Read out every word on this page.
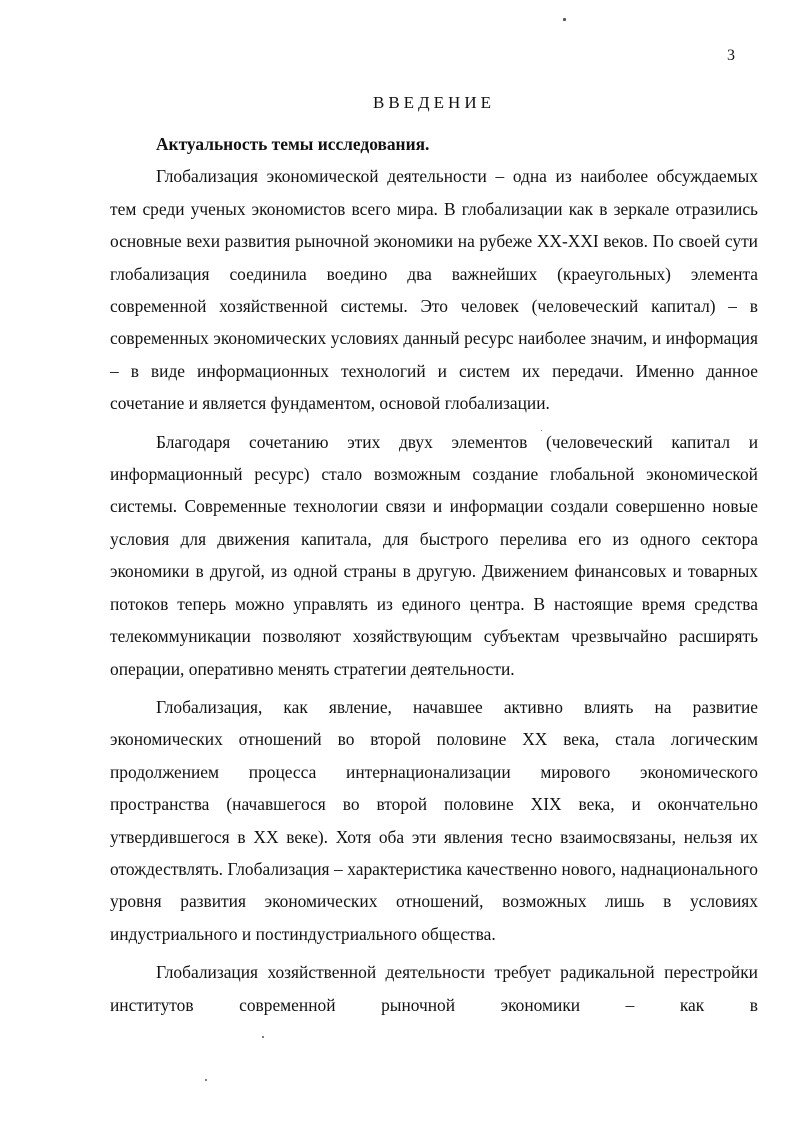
3
ВВЕДЕНИЕ

Актуальность темы исследования.

Глобализация экономической деятельности – одна из наиболее обсуждаемых тем среди ученых экономистов всего мира. В глобализации как в зеркале отразились основные вехи развития рыночной экономики на рубеже XX-XXI веков. По своей сути глобализация соединила воедино два важнейших (краеугольных) элемента современной хозяйственной системы. Это человек (человеческий капитал) – в современных экономических условиях данный ресурс наиболее значим, и информация – в виде информационных технологий и систем их передачи. Именно данное сочетание и является фундаментом, основой глобализации.

Благодаря сочетанию этих двух элементов (человеческий капитал и информационный ресурс) стало возможным создание глобальной экономической системы. Современные технологии связи и информации создали совершенно новые условия для движения капитала, для быстрого перелива его из одного сектора экономики в другой, из одной страны в другую. Движением финансовых и товарных потоков теперь можно управлять из единого центра. В настоящие время средства телекоммуникации позволяют хозяйствующим субъектам чрезвычайно расширять операции, оперативно менять стратегии деятельности.

Глобализация, как явление, начавшее активно влиять на развитие экономических отношений во второй половине XX века, стала логическим продолжением процесса интернационализации мирового экономического пространства (начавшегося во второй половине XIX века, и окончательно утвердившегося в XX веке). Хотя оба эти явления тесно взаимосвязаны, нельзя их отождествлять. Глобализация – характеристика качественно нового, наднационального уровня развития экономических отношений, возможных лишь в условиях индустриального и постиндустриального общества.

Глобализация хозяйственной деятельности требует радикальной перестройки институтов современной рыночной экономики – как в
